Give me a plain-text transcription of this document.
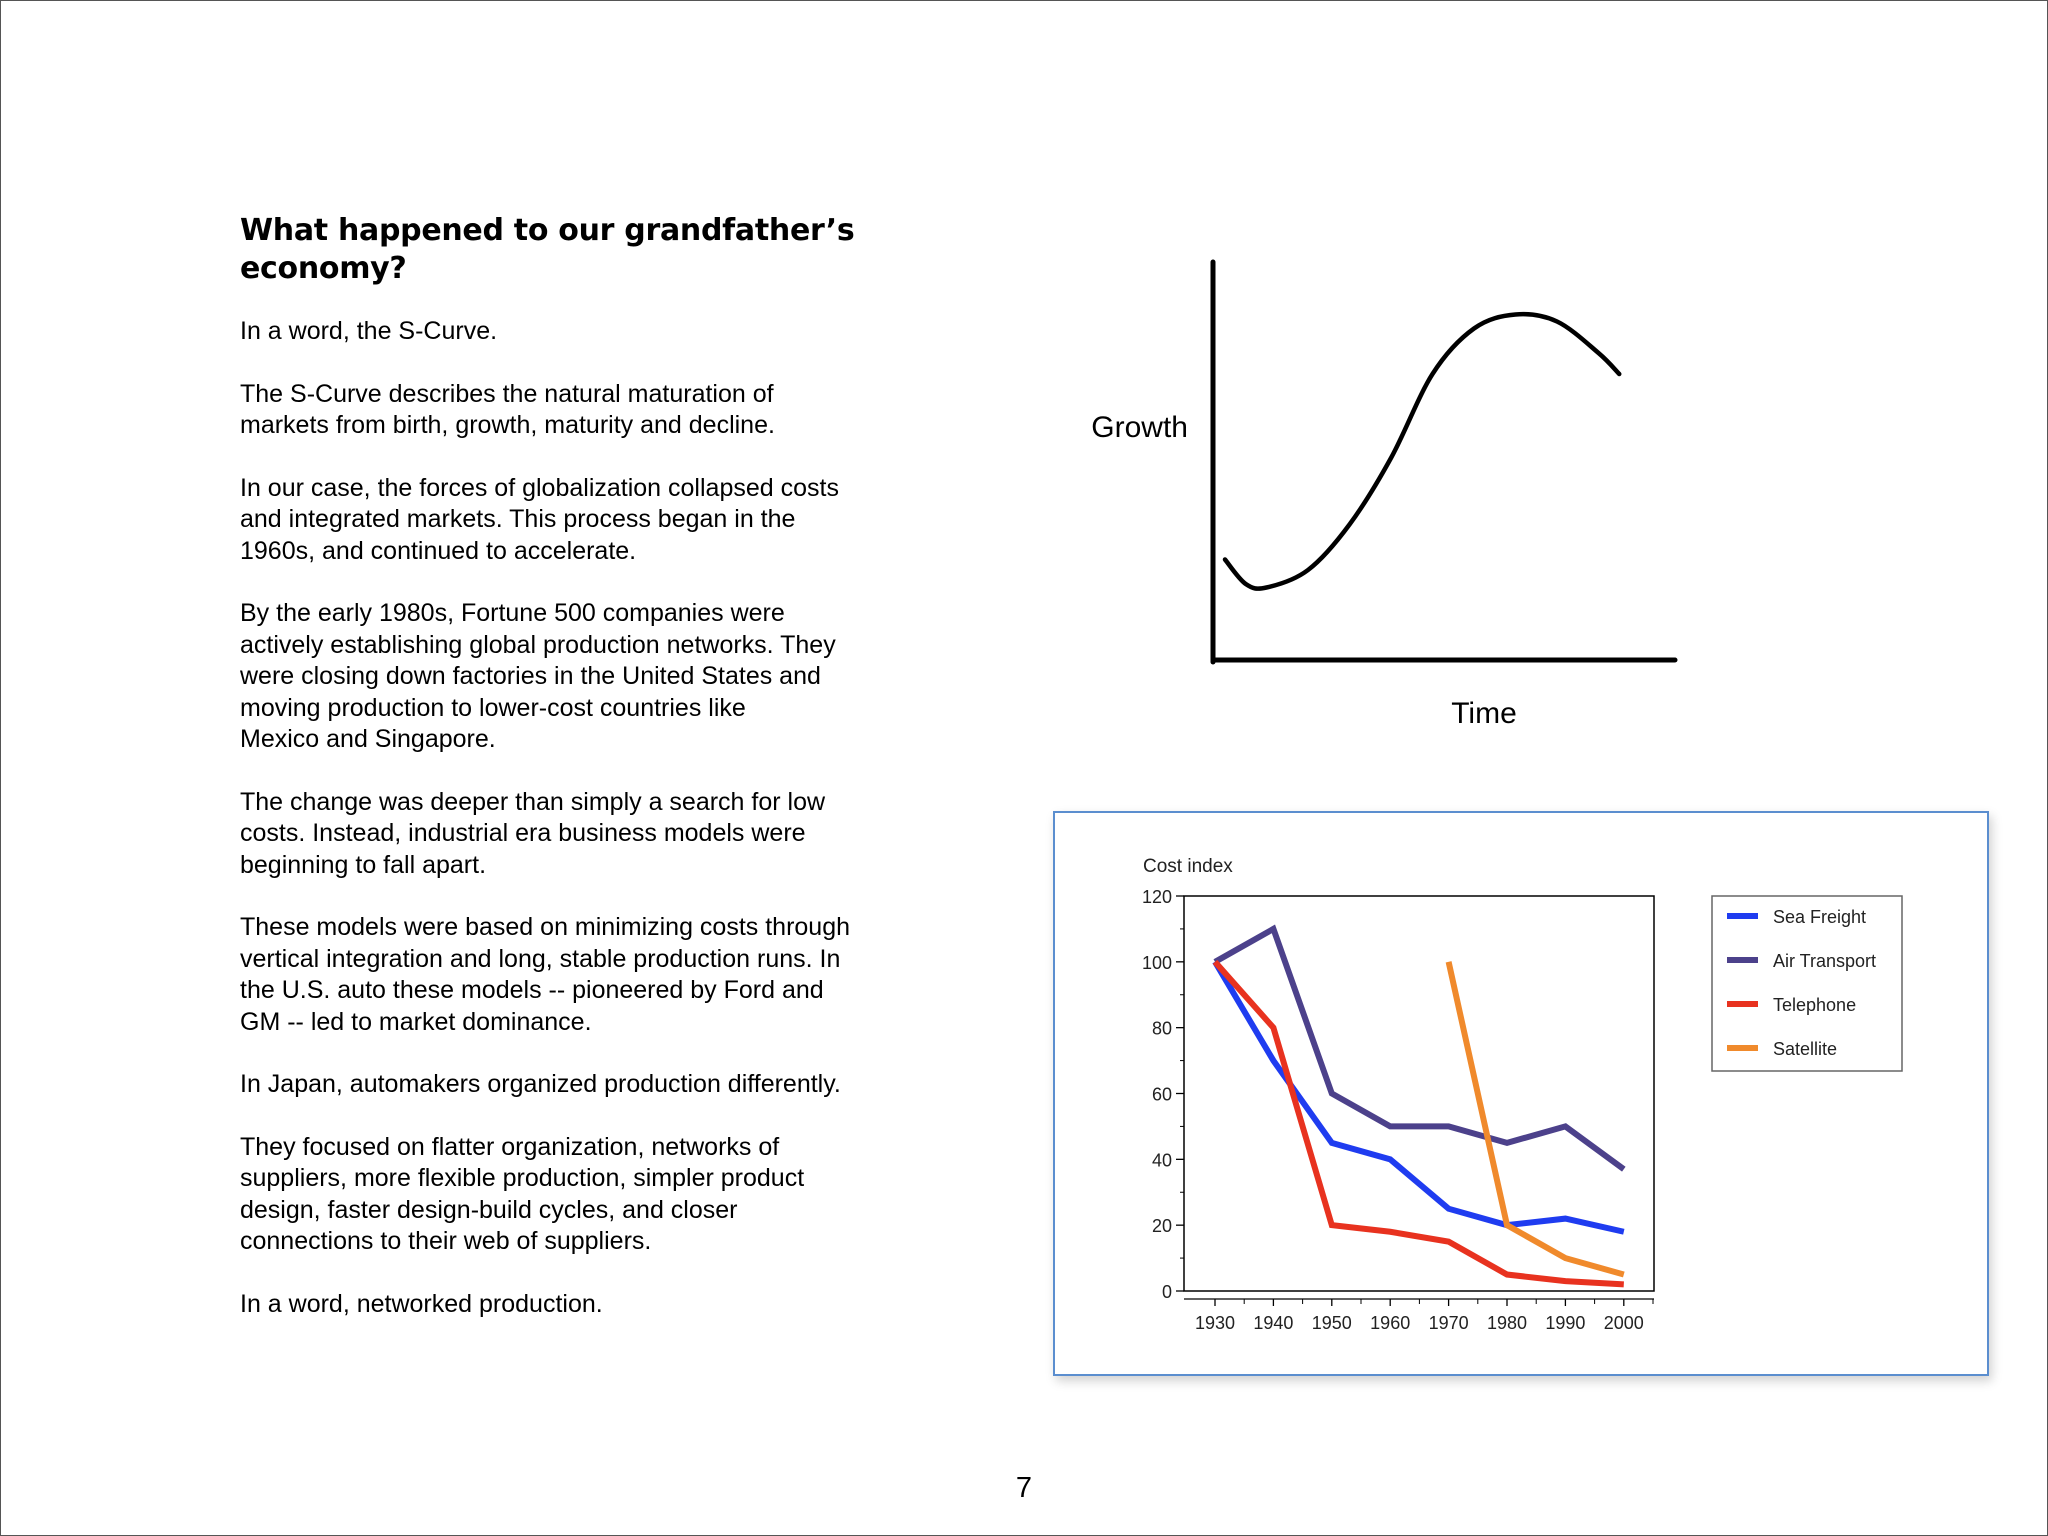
What happened to our grandfather’s economy?

In a word, the S-Curve.

The S-Curve describes the natural maturation of
markets from birth, growth, maturity and decline.

In our case, the forces of globalization collapsed costs
and integrated markets. This process began in the
1960s, and continued to accelerate.

By the early 1980s, Fortune 500 companies were
actively establishing global production networks. They
were closing down factories in the United States and
moving production to lower-cost countries like
Mexico and Singapore.

The change was deeper than simply a search for low
costs. Instead, industrial era business models were
beginning to fall apart.

These models were based on minimizing costs through
vertical integration and long, stable production runs. In
the U.S. auto these models -- pioneered by Ford and
GM -- led to market dominance.

In Japan, automakers organized production differently.

They focused on flatter organization, networks of
suppliers, more flexible production, simpler product
design, faster design-build cycles, and closer
connections to their web of suppliers.

In a word, networked production.

Growth
Time
Cost index
0
20
40
60
80
100
120
1930 1940 1950 1960 1970 1980 1990 2000
Sea Freight
Air Transport
Telephone
Satellite
7
